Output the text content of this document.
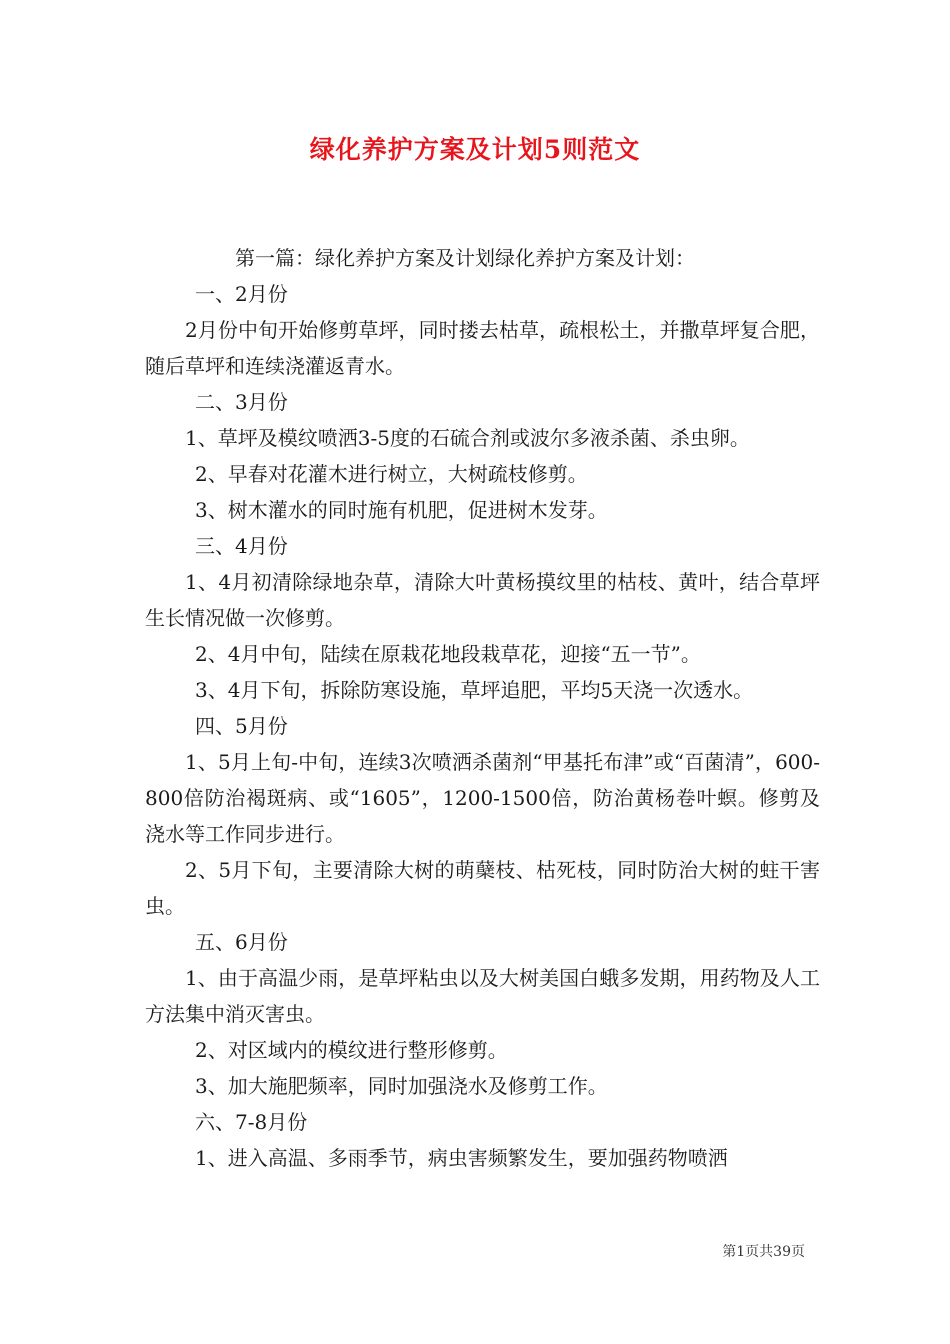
绿化养护方案及计划5则范文

第一篇：绿化养护方案及计划绿化养护方案及计划：

一、2月份

2月份中旬开始修剪草坪，同时搂去枯草，疏根松土，并撒草坪复合肥，随后草坪和连续浇灌返青水。

二、3月份

1、草坪及模纹喷洒3-5度的石硫合剂或波尔多液杀菌、杀虫卵。

2、早春对花灌木进行树立，大树疏枝修剪。

3、树木灌水的同时施有机肥，促进树木发芽。

三、4月份

1、4月初清除绿地杂草，清除大叶黄杨摸纹里的枯枝、黄叶，结合草坪生长情况做一次修剪。

2、4月中旬，陆续在原栽花地段栽草花，迎接“五一节”。

3、4月下旬，拆除防寒设施，草坪追肥，平均5天浇一次透水。

四、5月份

1、5月上旬-中旬，连续3次喷洒杀菌剂“甲基托布津”或“百菌清”，600-800倍防治褐斑病、或“1605”，1200-1500倍，防治黄杨卷叶螟。修剪及浇水等工作同步进行。

2、5月下旬，主要清除大树的萌蘖枝、枯死枝，同时防治大树的蛀干害虫。

五、6月份

1、由于高温少雨，是草坪粘虫以及大树美国白蛾多发期，用药物及人工方法集中消灭害虫。

2、对区域内的模纹进行整形修剪。

3、加大施肥频率，同时加强浇水及修剪工作。

六、7-8月份

1、进入高温、多雨季节，病虫害频繁发生，要加强药物喷洒

第1页共39页
